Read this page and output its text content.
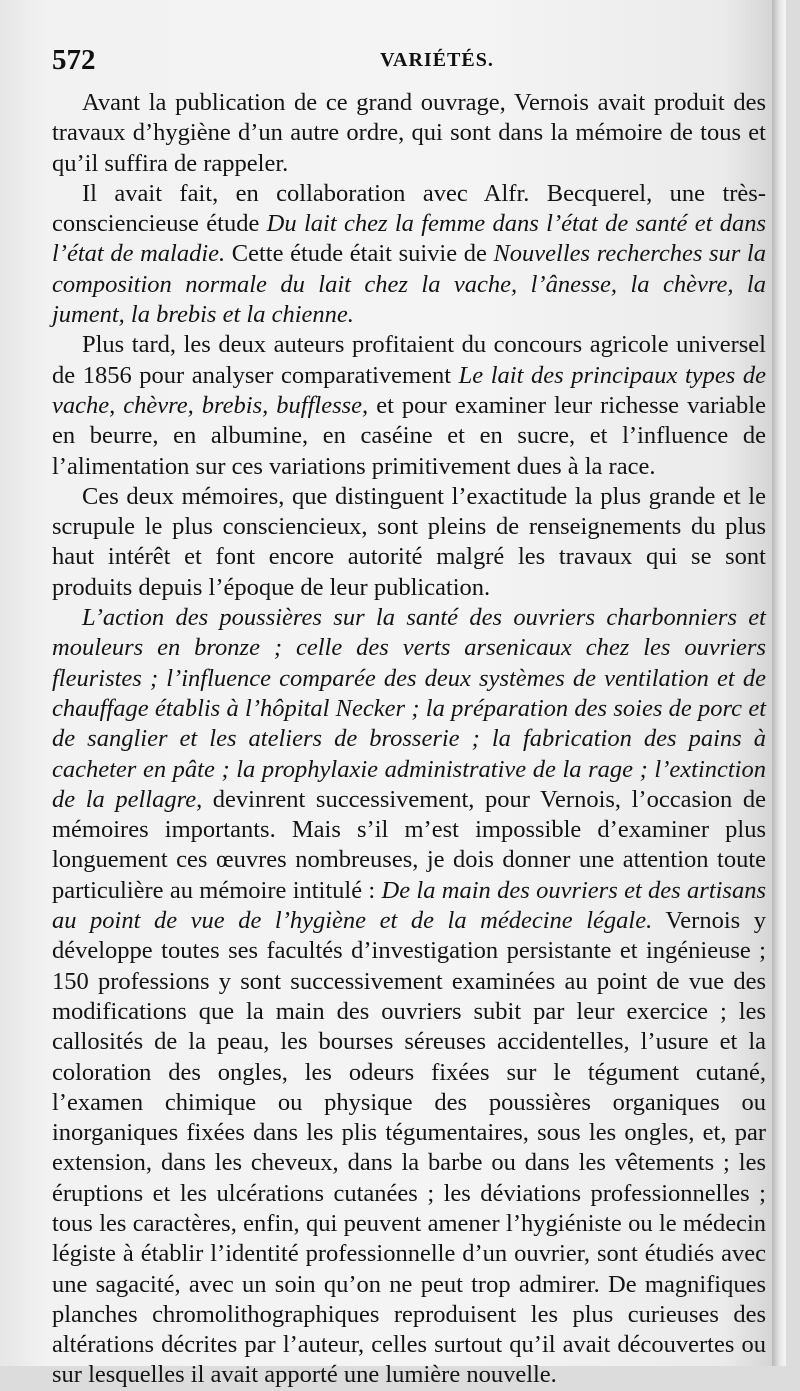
572	VARIÉTÉS.

Avant la publication de ce grand ouvrage, Vernois avait produit des travaux d’hygiène d’un autre ordre, qui sont dans la mémoire de tous et qu’il suffira de rappeler.

Il avait fait, en collaboration avec Alfr. Becquerel, une très-consciencieuse étude Du lait chez la femme dans l’état de santé et dans l’état de maladie. Cette étude était suivie de Nouvelles recherches sur la composition normale du lait chez la vache, l’ânesse, la chèvre, la jument, la brebis et la chienne.

Plus tard, les deux auteurs profitaient du concours agricole universel de 1856 pour analyser comparativement Le lait des principaux types de vache, chèvre, brebis, bufflesse, et pour examiner leur richesse variable en beurre, en albumine, en caséine et en sucre, et l’influence de l’alimentation sur ces variations primitivement dues à la race.

Ces deux mémoires, que distinguent l’exactitude la plus grande et le scrupule le plus consciencieux, sont pleins de renseignements du plus haut intérêt et font encore autorité malgré les travaux qui se sont produits depuis l’époque de leur publication.

L’action des poussières sur la santé des ouvriers charbonniers et mouleurs en bronze ; celle des verts arsenicaux chez les ouvriers fleuristes ; l’influence comparée des deux systèmes de ventilation et de chauffage établis à l’hôpital Necker ; la préparation des soies de porc et de sanglier et les ateliers de brosserie ; la fabrication des pains à cacheter en pâte ; la prophylaxie administrative de la rage ; l’extinction de la pellagre, devinrent successivement, pour Vernois, l’occasion de mémoires importants. Mais s’il m’est impossible d’examiner plus longuement ces œuvres nombreuses, je dois donner une attention toute particulière au mémoire intitulé : De la main des ouvriers et des artisans au point de vue de l’hygiène et de la médecine légale. Vernois y développe toutes ses facultés d’investigation persistante et ingénieuse ; 150 professions y sont successivement examinées au point de vue des modifications que la main des ouvriers subit par leur exercice ; les callosités de la peau, les bourses séreuses accidentelles, l’usure et la coloration des ongles, les odeurs fixées sur le tégument cutané, l’examen chimique ou physique des poussières organiques ou inorganiques fixées dans les plis tégumentaires, sous les ongles, et, par extension, dans les cheveux, dans la barbe ou dans les vêtements ; les éruptions et les ulcérations cutanées ; les déviations professionnelles ; tous les caractères, enfin, qui peuvent amener l’hygiéniste ou le médecin légiste à établir l’identité professionnelle d’un ouvrier, sont étudiés avec une sagacité, avec un soin qu’on ne peut trop admirer. De magnifiques planches chromolithographiques reproduisent les plus curieuses des altérations décrites par l’auteur, celles surtout qu’il avait découvertes ou sur lesquelles il avait apporté une lumière nouvelle.
